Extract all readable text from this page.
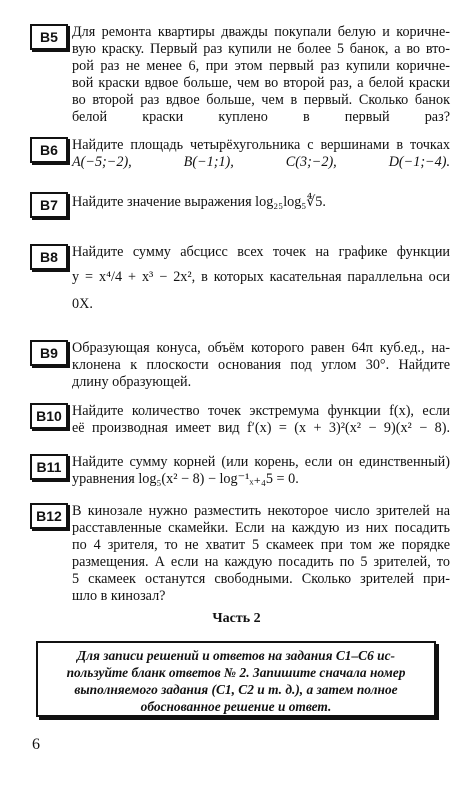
B5 Для ремонта квартиры дважды покупали белую и коричне-
вую краску. Первый раз купили не более 5 банок, а во вто-
рой раз не менее 6, при этом первый раз купили коричне-
вой краски вдвое больше, чем во второй раз, а белой краски
во второй раз вдвое больше, чем в первый. Сколько банок
белой краски куплено в первый раз?
B6 Найдите площадь четырёхугольника с вершинами в точках
A(−5;−2), B(−1;1), C(3;−2), D(−1;−4).
B7 Найдите значение выражения log₂₅log₅∜5.
B8 Найдите сумму абсцисс всех точек на графике функции
y = x⁴/4 + x³ − 2x², в которых касательная параллельна оси
0X.
B9 Образующая конуса, объём которого равен 64π куб.ед., на-
клонена к плоскости основания под углом 30°. Найдите
длину образующей.
B10 Найдите количество точек экстремума функции f(x), если
её производная имеет вид f′(x) = (x + 3)²(x² − 9)(x² − 8).
B11 Найдите сумму корней (или корень, если он единственный)
уравнения log₅(x² − 8) − log⁻¹ₓ₊₄5 = 0.
B12 В кинозале нужно разместить некоторое число зрителей на
расставленные скамейки. Если на каждую из них посадить
по 4 зрителя, то не хватит 5 скамеек при том же порядке
размещения. А если на каждую посадить по 5 зрителей, то
5 скамеек останутся свободными. Сколько зрителей при-
шло в кинозал?
Часть 2

Для записи решений и ответов на задания С1–С6 ис-
пользуйте бланк ответов № 2. Запишите сначала номер
выполняемого задания (С1, С2 и т. д.), а затем полное
обоснованное решение и ответ.

6
